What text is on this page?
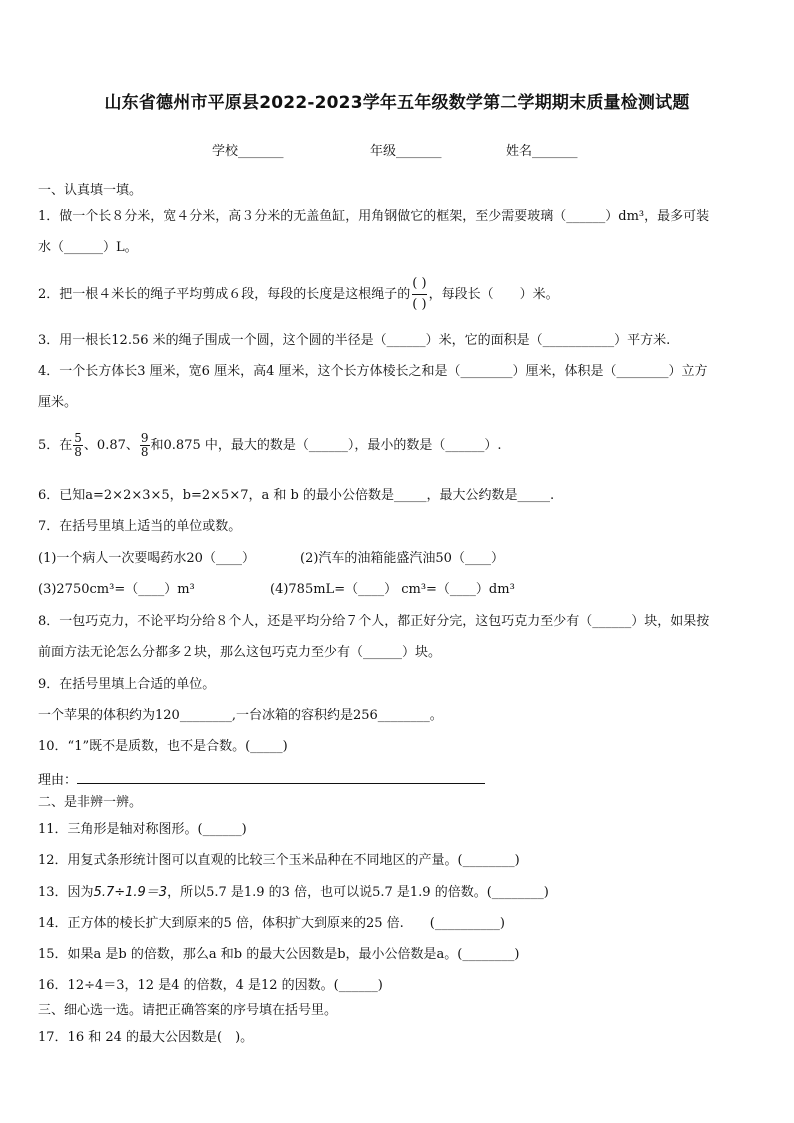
山东省德州市平原县2022-2023学年五年级数学第二学期期末质量检测试题
学校_______	年级_______	姓名_______
一、认真填一填。
1．做一个长８分米，宽４分米，高３分米的无盖鱼缸，用角钢做它的框架，至少需要玻璃（______）dm³，最多可装
水（______）L。
2．把一根４米长的绳子平均剪成６段，每段的长度是这根绳子的 $\frac{( )}{( )}$ ，每段长（　　）米。
3．用一根长12.56 米的绳子围成一个圆，这个圆的半径是（______）米，它的面积是（___________）平方米.
4．一个长方体长3 厘米，宽6 厘米，高4 厘米，这个长方体棱长之和是（________）厘米，体积是（________）立方
厘米。
5．在 $\frac{5}{8}$ 、0.87、 $\frac{9}{8}$ 和0.875 中，最大的数是（______），最小的数是（______）.
6．已知a=2×2×3×5，b=2×5×7，a 和 b 的最小公倍数是_____，最大公约数是_____.
7．在括号里填上适当的单位或数。
(1)一个病人一次要喝药水20（____）	(2)汽车的油箱能盛汽油50（____）
(3)2750cm³=（____）m³	(4)785mL=（____） cm³=（____）dm³
8．一包巧克力，不论平均分给８个人，还是平均分给７个人，都正好分完，这包巧克力至少有（______）块，如果按
前面方法无论怎么分都多２块，那么这包巧克力至少有（______）块。
9．在括号里填上合适的单位。
一个苹果的体积约为120________,一台冰箱的容积约是256________。
10．“1”既不是质数，也不是合数。(_____)
理由：
二、是非辨一辨。
11．三角形是轴对称图形。(______)
12．用复式条形统计图可以直观的比较三个玉米品种在不同地区的产量。(________)
13．因为5.7÷1.9＝3，所以5.7 是1.9 的3 倍，也可以说5.7 是1.9 的倍数。(________)
14．正方体的棱长扩大到原来的5 倍，体积扩大到原来的25 倍.　　(__________)
15．如果a 是b 的倍数，那么a 和b 的最大公因数是b，最小公倍数是a。(________)
16．12÷4＝3，12 是4 的倍数，4 是12 的因数。(______)
三、细心选一选。请把正确答案的序号填在括号里。
17．16 和 24 的最大公因数是(　)。
